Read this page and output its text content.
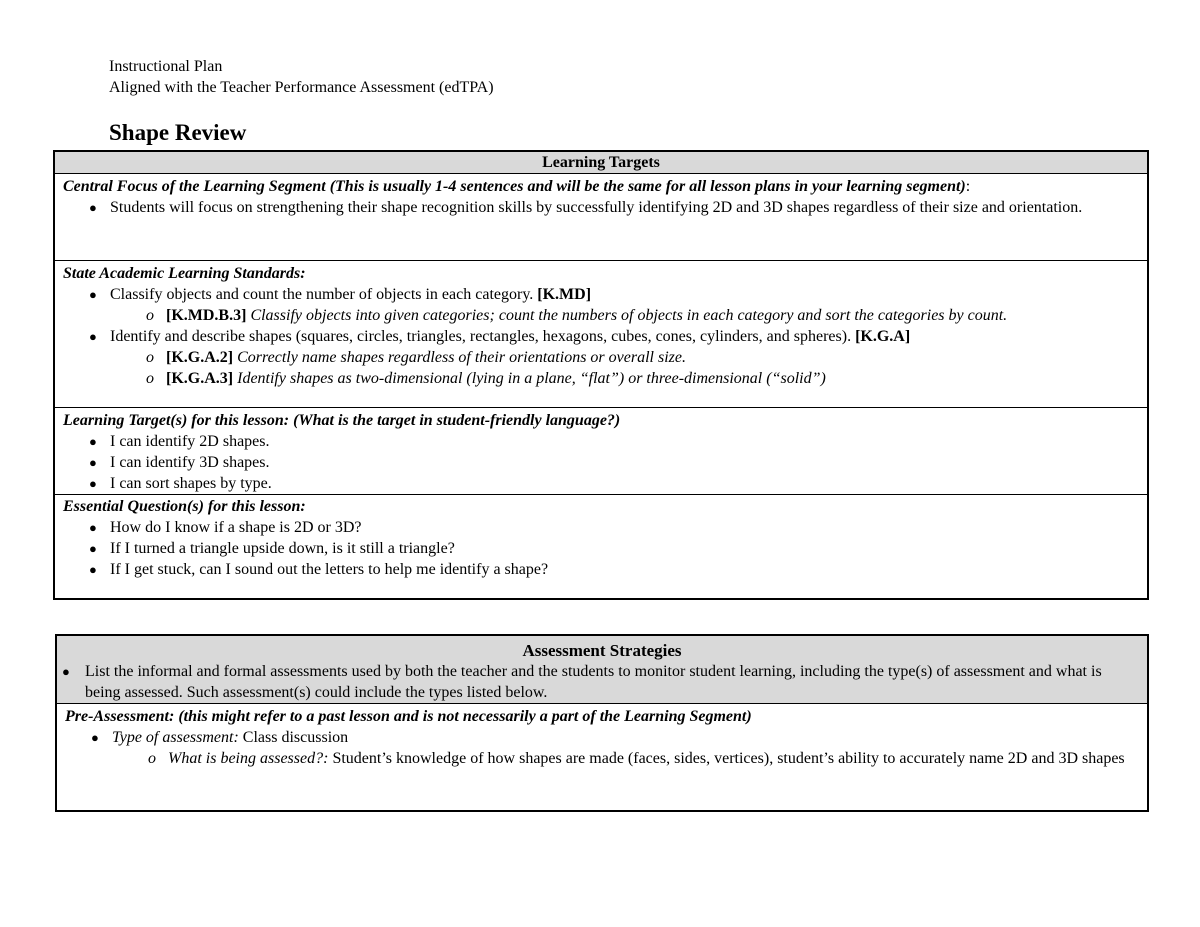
Instructional Plan
Aligned with the Teacher Performance Assessment (edTPA)
Shape Review
Learning Targets

Central Focus of the Learning Segment (This is usually 1-4 sentences and will be the same for all lesson plans in your learning segment):
● Students will focus on strengthening their shape recognition skills by successfully identifying 2D and 3D shapes regardless of their size and orientation.

State Academic Learning Standards:
● Classify objects and count the number of objects in each category. [K.MD]
o [K.MD.B.3] Classify objects into given categories; count the numbers of objects in each category and sort the categories by count.
● Identify and describe shapes (squares, circles, triangles, rectangles, hexagons, cubes, cones, cylinders, and spheres). [K.G.A]
o [K.G.A.2] Correctly name shapes regardless of their orientations or overall size.
o [K.G.A.3] Identify shapes as two-dimensional (lying in a plane, “flat”) or three-dimensional (“solid”)

Learning Target(s) for this lesson: (What is the target in student-friendly language?)
● I can identify 2D shapes.
● I can identify 3D shapes.
● I can sort shapes by type.

Essential Question(s) for this lesson:
● How do I know if a shape is 2D or 3D?
● If I turned a triangle upside down, is it still a triangle?
● If I get stuck, can I sound out the letters to help me identify a shape?
Assessment Strategies
● List the informal and formal assessments used by both the teacher and the students to monitor student learning, including the type(s) of assessment and what is being assessed. Such assessment(s) could include the types listed below.

Pre-Assessment: (this might refer to a past lesson and is not necessarily a part of the Learning Segment)
● Type of assessment: Class discussion
o What is being assessed?: Student’s knowledge of how shapes are made (faces, sides, vertices), student’s ability to accurately name 2D and 3D shapes
